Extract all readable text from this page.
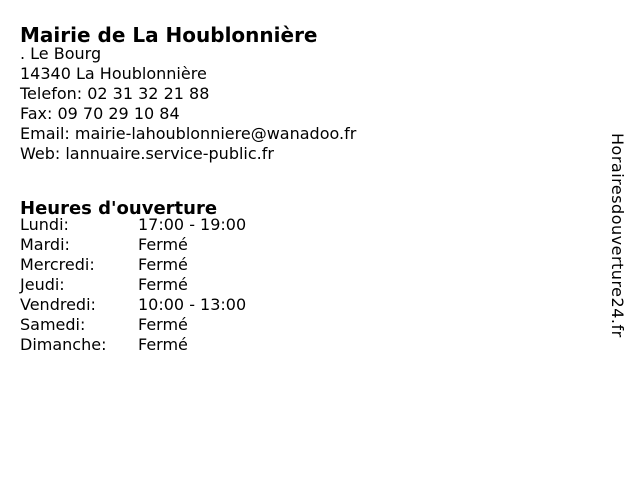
Mairie de La Houblonnière
. Le Bourg
14340 La Houblonnière
Telefon: 02 31 32 21 88
Fax: 09 70 29 10 84
Email: mairie-lahoublonniere@wanadoo.fr
Web: lannuaire.service-public.fr
Heures d'ouverture
Lundi:	17:00 - 19:00
Mardi:	Fermé
Mercredi:	Fermé
Jeudi:	Fermé
Vendredi:	10:00 - 13:00
Samedi:	Fermé
Dimanche: Fermé
Horairesdouverture24.fr
